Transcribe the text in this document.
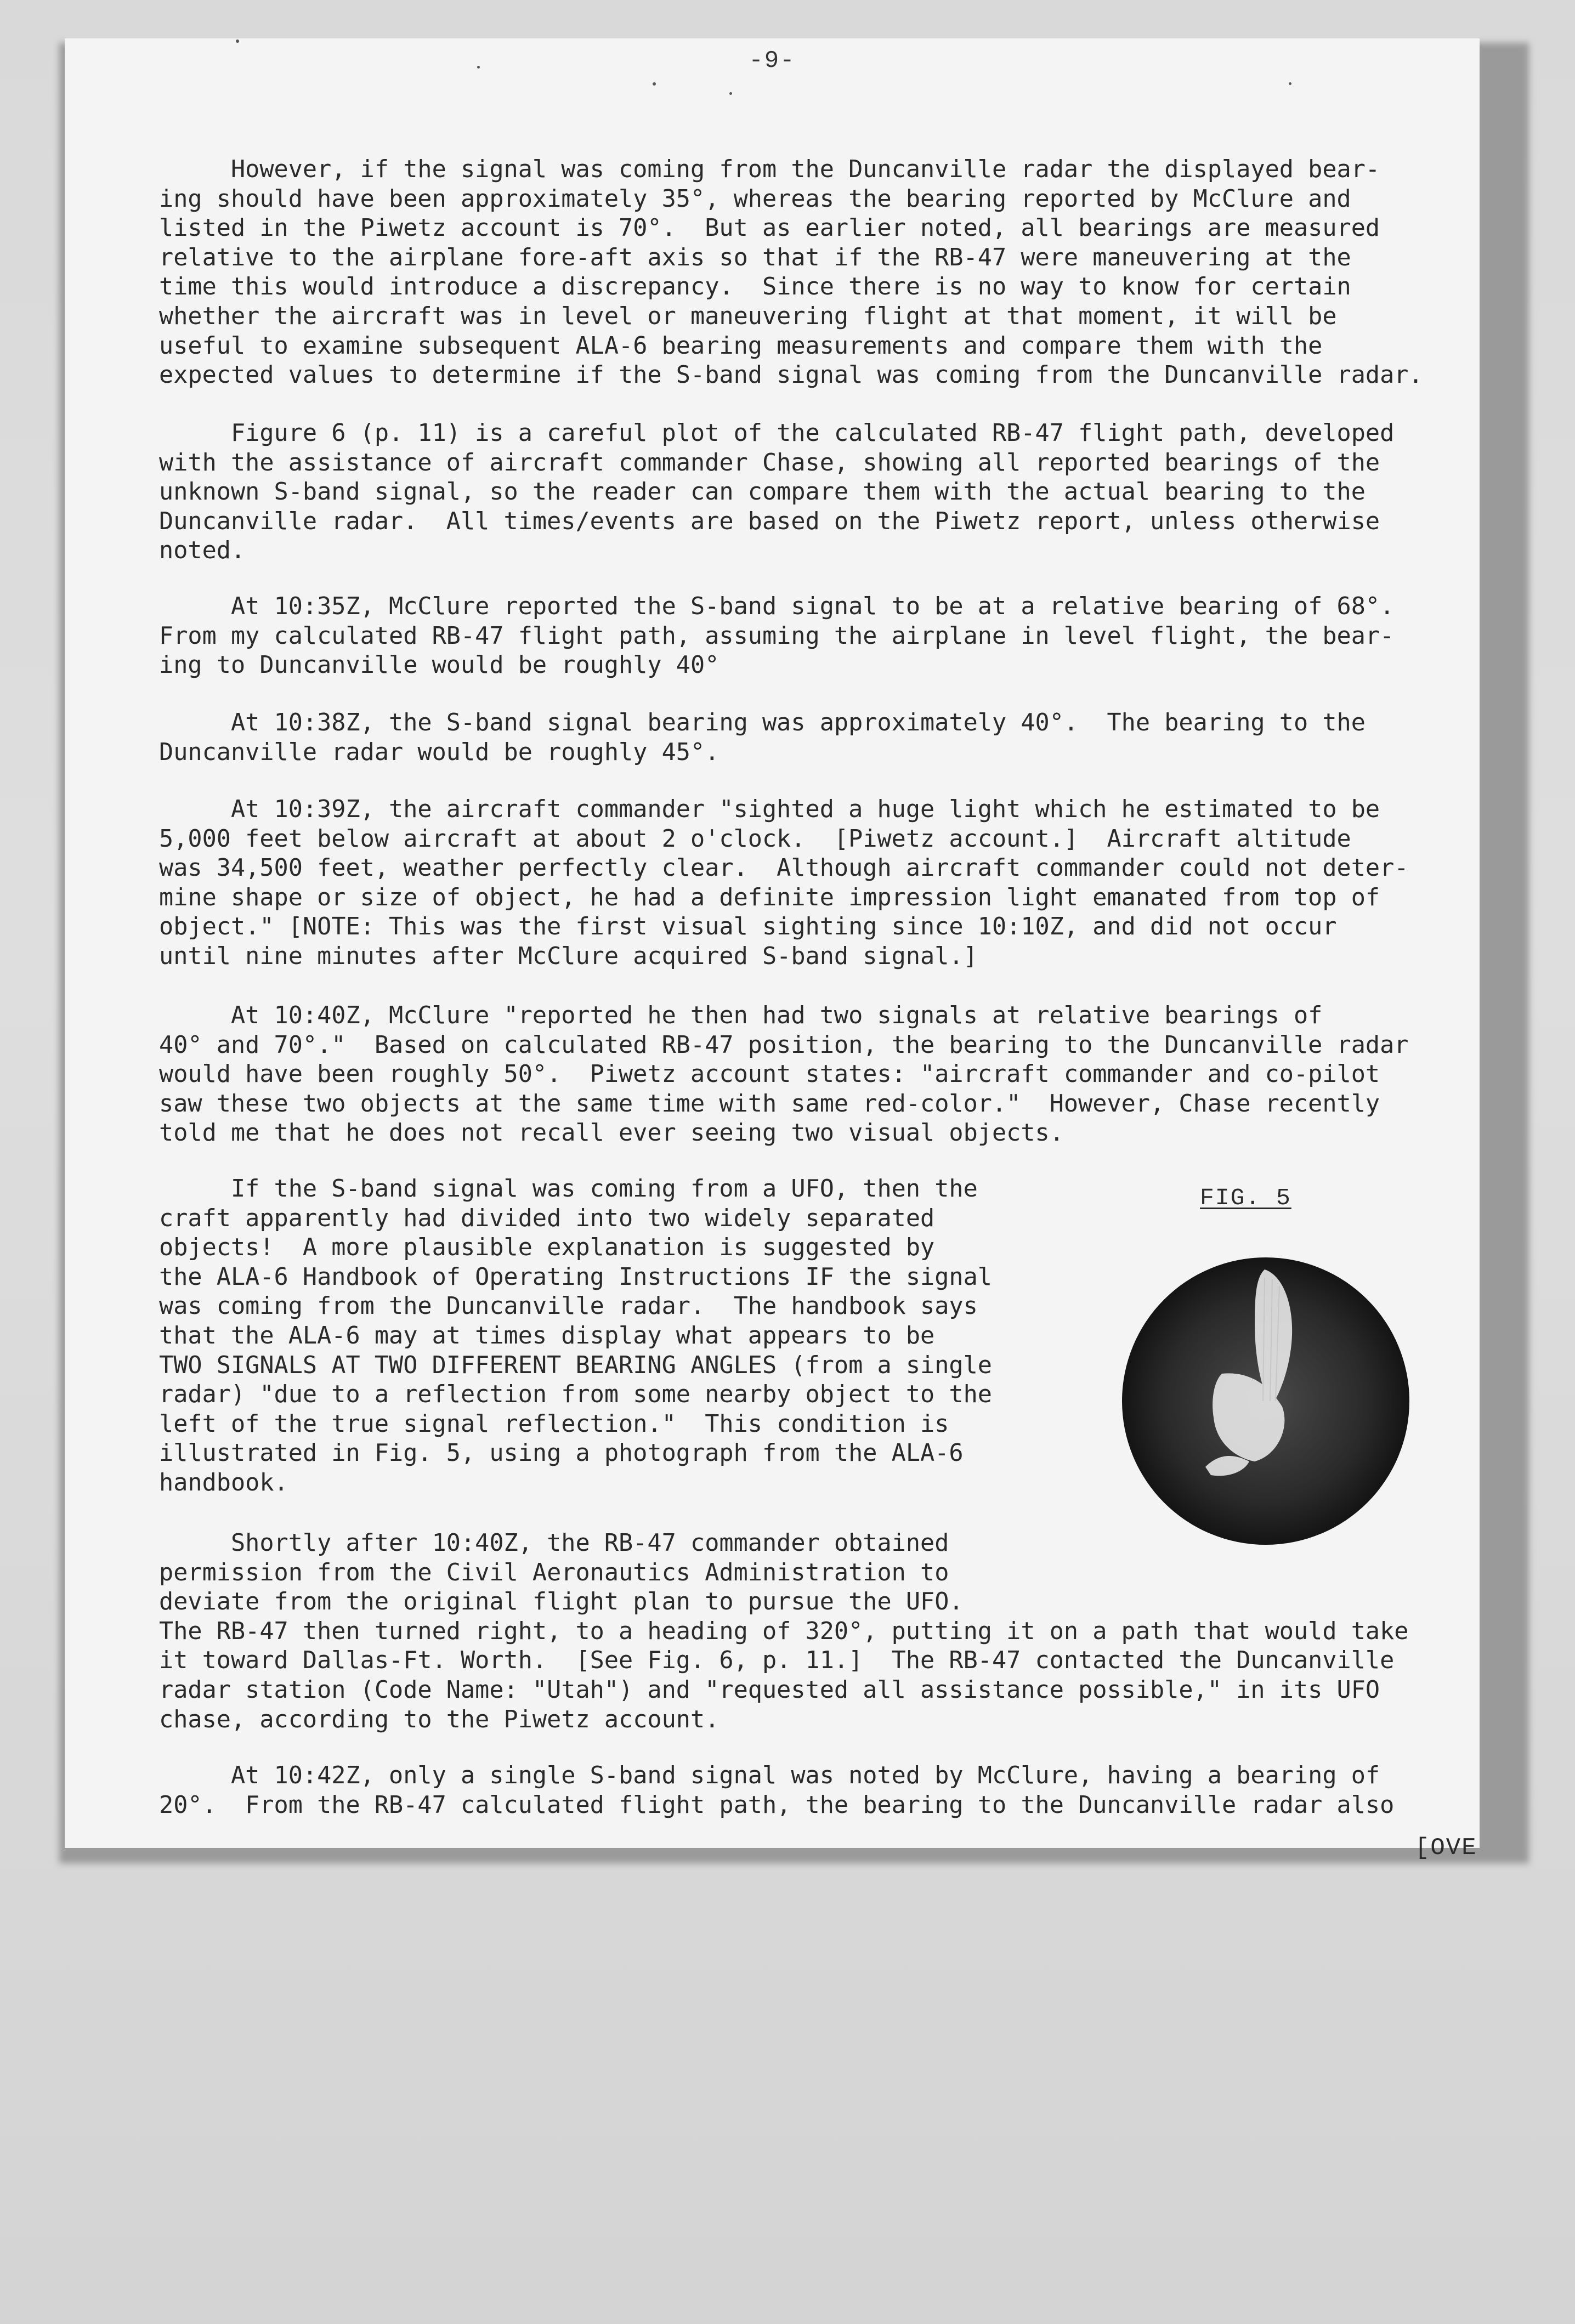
-9-
However, if the signal was coming from the Duncanville radar the displayed bear-
ing should have been approximately 35°, whereas the bearing reported by McClure and
listed in the Piwetz account is 70°.  But as earlier noted, all bearings are measured
relative to the airplane fore-aft axis so that if the RB-47 were maneuvering at the
time this would introduce a discrepancy.  Since there is no way to know for certain
whether the aircraft was in level or maneuvering flight at that moment, it will be
useful to examine subsequent ALA-6 bearing measurements and compare them with the
expected values to determine if the S-band signal was coming from the Duncanville radar.
Figure 6 (p. 11) is a careful plot of the calculated RB-47 flight path, developed
with the assistance of aircraft commander Chase, showing all reported bearings of the
unknown S-band signal, so the reader can compare them with the actual bearing to the
Duncanville radar.  All times/events are based on the Piwetz report, unless otherwise
noted.
At 10:35Z, McClure reported the S-band signal to be at a relative bearing of 68°.
From my calculated RB-47 flight path, assuming the airplane in level flight, the bear-
ing to Duncanville would be roughly 40°
At 10:38Z, the S-band signal bearing was approximately 40°.  The bearing to the
Duncanville radar would be roughly 45°.
At 10:39Z, the aircraft commander "sighted a huge light which he estimated to be
5,000 feet below aircraft at about 2 o'clock.  [Piwetz account.]  Aircraft altitude
was 34,500 feet, weather perfectly clear.  Although aircraft commander could not deter-
mine shape or size of object, he had a definite impression light emanated from top of
object." [NOTE: This was the first visual sighting since 10:10Z, and did not occur
until nine minutes after McClure acquired S-band signal.]
At 10:40Z, McClure "reported he then had two signals at relative bearings of
40° and 70°."  Based on calculated RB-47 position, the bearing to the Duncanville radar
would have been roughly 50°.  Piwetz account states: "aircraft commander and co-pilot
saw these two objects at the same time with same red-color."  However, Chase recently
told me that he does not recall ever seeing two visual objects.
If the S-band signal was coming from a UFO, then the
craft apparently had divided into two widely separated
objects!  A more plausible explanation is suggested by
the ALA-6 Handbook of Operating Instructions IF the signal
was coming from the Duncanville radar.  The handbook says
that the ALA-6 may at times display what appears to be
TWO SIGNALS AT TWO DIFFERENT BEARING ANGLES (from a single
radar) "due to a reflection from some nearby object to the
left of the true signal reflection."  This condition is
illustrated in Fig. 5, using a photograph from the ALA-6
handbook.
Shortly after 10:40Z, the RB-47 commander obtained
permission from the Civil Aeronautics Administration to
deviate from the original flight plan to pursue the UFO.
The RB-47 then turned right, to a heading of 320°, putting it on a path that would take
it toward Dallas-Ft. Worth.  [See Fig. 6, p. 11.]  The RB-47 contacted the Duncanville
radar station (Code Name: "Utah") and "requested all assistance possible," in its UFO
chase, according to the Piwetz account.
At 10:42Z, only a single S-band signal was noted by McClure, having a bearing of
20°.  From the RB-47 calculated flight path, the bearing to the Duncanville radar also
FIG. 5
[OVE
